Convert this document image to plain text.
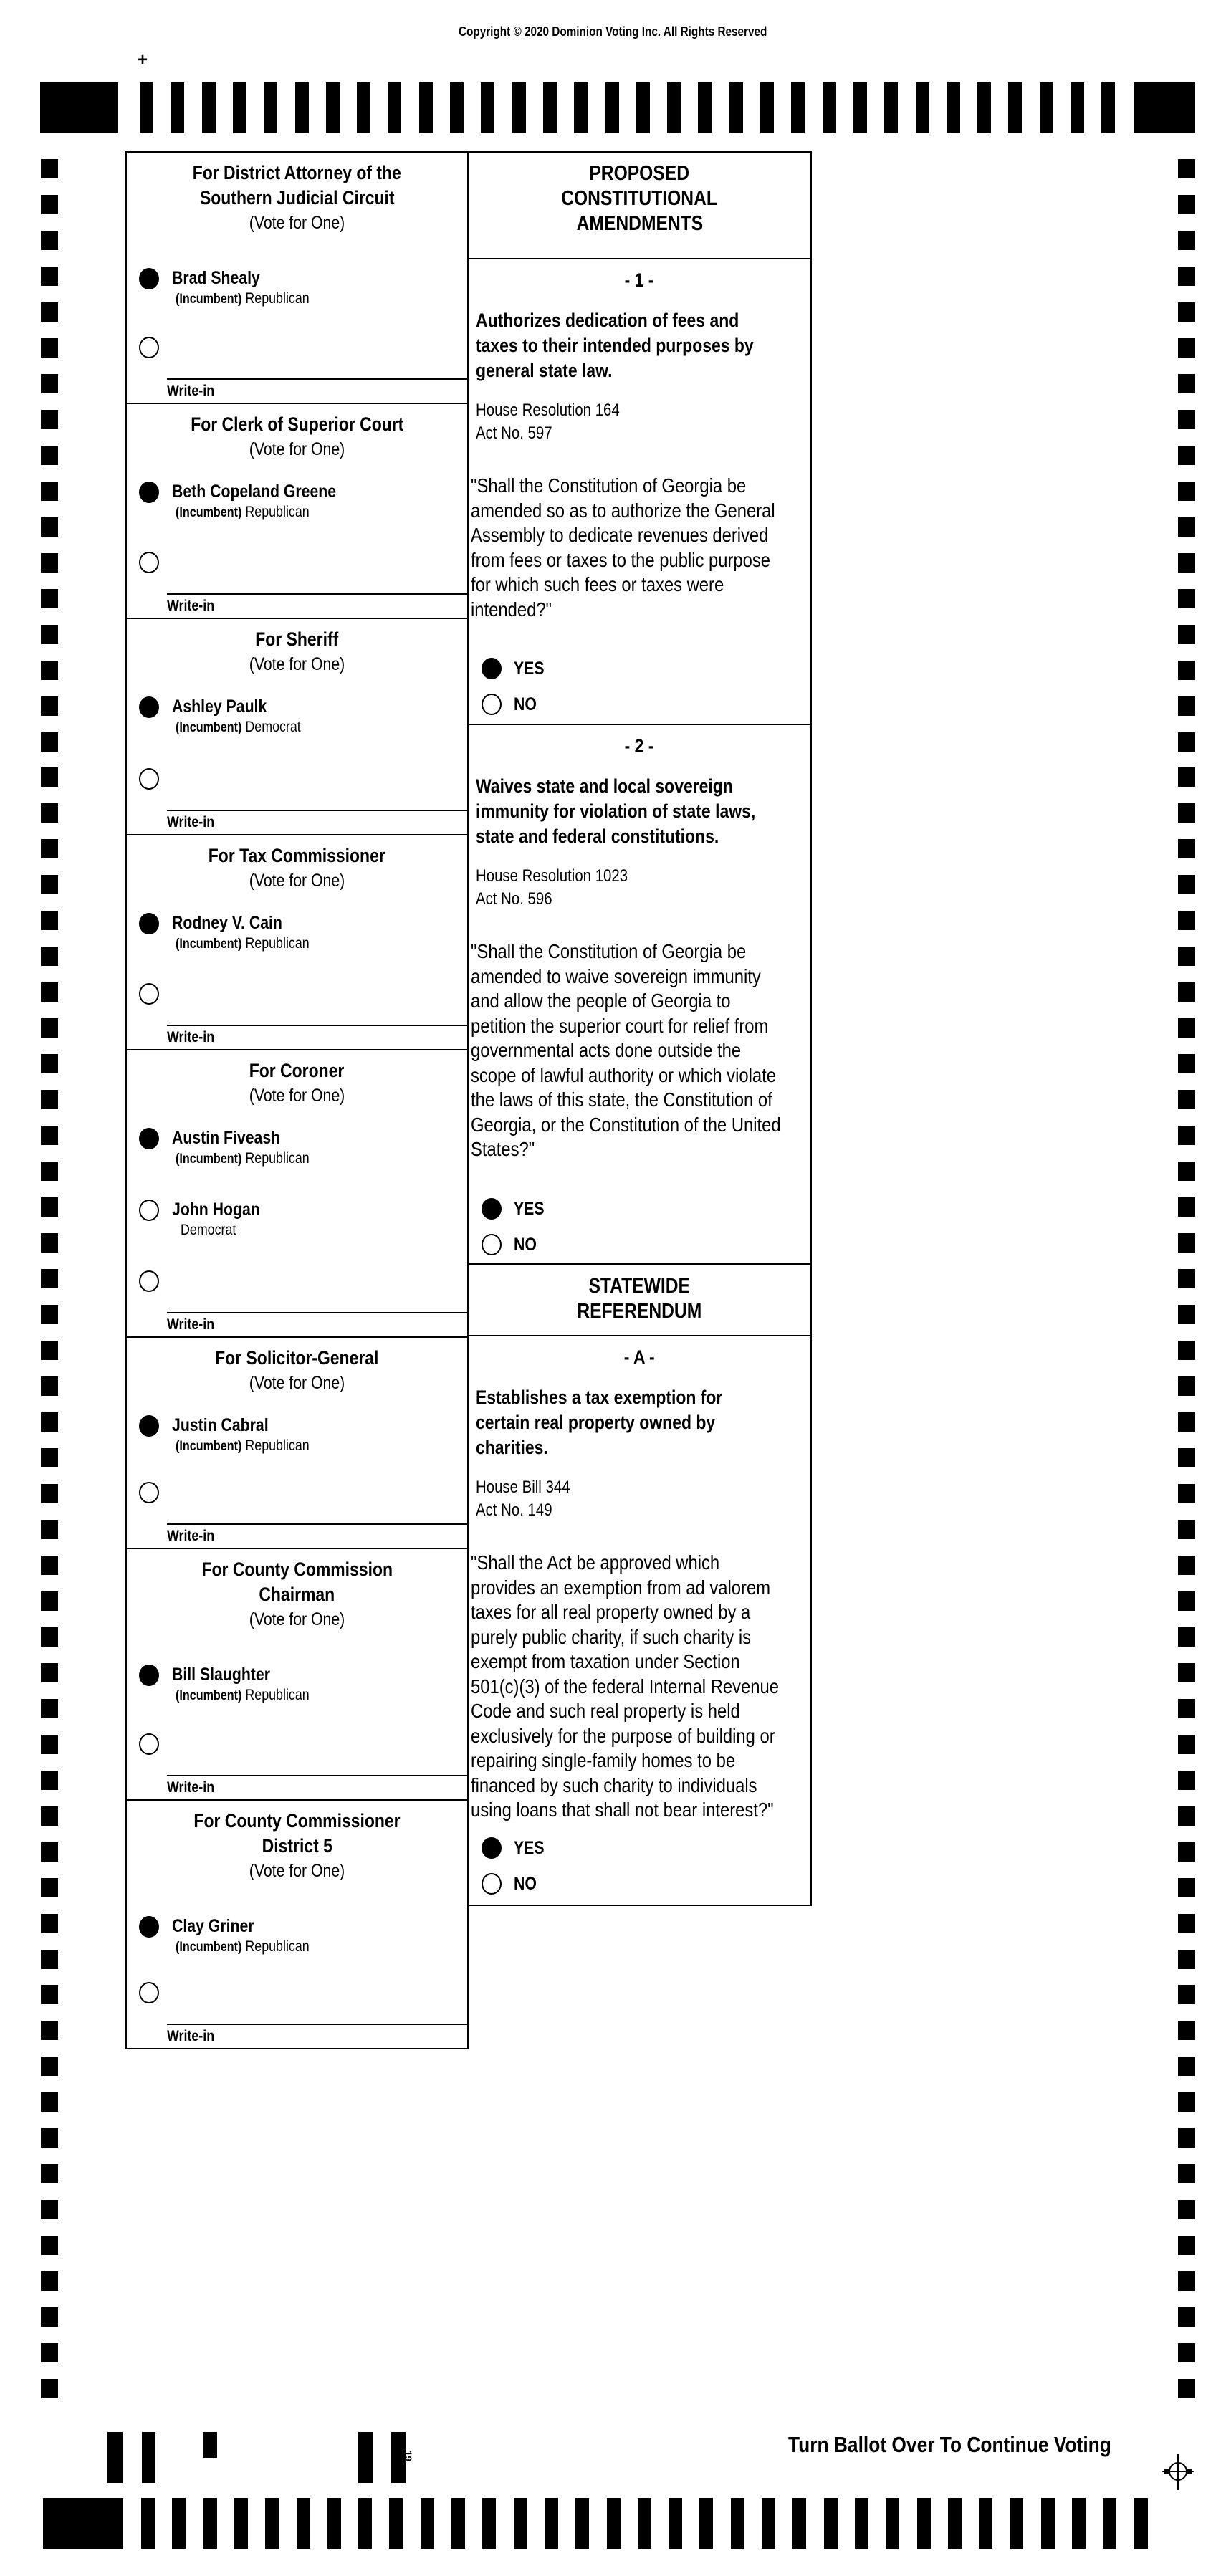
Copyright © 2020 Dominion Voting Inc. All Rights Reserved
+
For District Attorney of the
Southern Judicial Circuit
(Vote for One)
Brad Shealy
(Incumbent) Republican
Write-in
For Clerk of Superior Court
(Vote for One)
Beth Copeland Greene
(Incumbent) Republican
Write-in
For Sheriff
(Vote for One)
Ashley Paulk
(Incumbent) Democrat
Write-in
For Tax Commissioner
(Vote for One)
Rodney V. Cain
(Incumbent) Republican
Write-in
For Coroner
(Vote for One)
Austin Fiveash
(Incumbent) Republican
John Hogan
Democrat
Write-in
For Solicitor-General
(Vote for One)
Justin Cabral
(Incumbent) Republican
Write-in
For County Commission
Chairman
(Vote for One)
Bill Slaughter
(Incumbent) Republican
Write-in
For County Commissioner
District 5
(Vote for One)
Clay Griner
(Incumbent) Republican
Write-in
PROPOSED
CONSTITUTIONAL
AMENDMENTS
STATEWIDE
REFERENDUM
- 1 -
Authorizes dedication of fees and
taxes to their intended purposes by
general state law.
House Resolution 164
Act No. 597
"Shall the Constitution of Georgia be
amended so as to authorize the General
Assembly to dedicate revenues derived
from fees or taxes to the public purpose
for which such fees or taxes were
intended?"
YES
NO
- 2 -
Waives state and local sovereign
immunity for violation of state laws,
state and federal constitutions.
House Resolution 1023
Act No. 596
"Shall the Constitution of Georgia be
amended to waive sovereign immunity
and allow the people of Georgia to
petition the superior court for relief from
governmental acts done outside the
scope of lawful authority or which violate
the laws of this state, the Constitution of
Georgia, or the Constitution of the United
States?"
YES
NO
- A -
Establishes a tax exemption for
certain real property owned by
charities.
House Bill 344
Act No. 149
"Shall the Act be approved which
provides an exemption from ad valorem
taxes for all real property owned by a
purely public charity, if such charity is
exempt from taxation under Section
501(c)(3) of the federal Internal Revenue
Code and such real property is held
exclusively for the purpose of building or
repairing single-family homes to be
financed by such charity to individuals
using loans that shall not bear interest?"
YES
NO
Turn Ballot Over To Continue Voting
19
